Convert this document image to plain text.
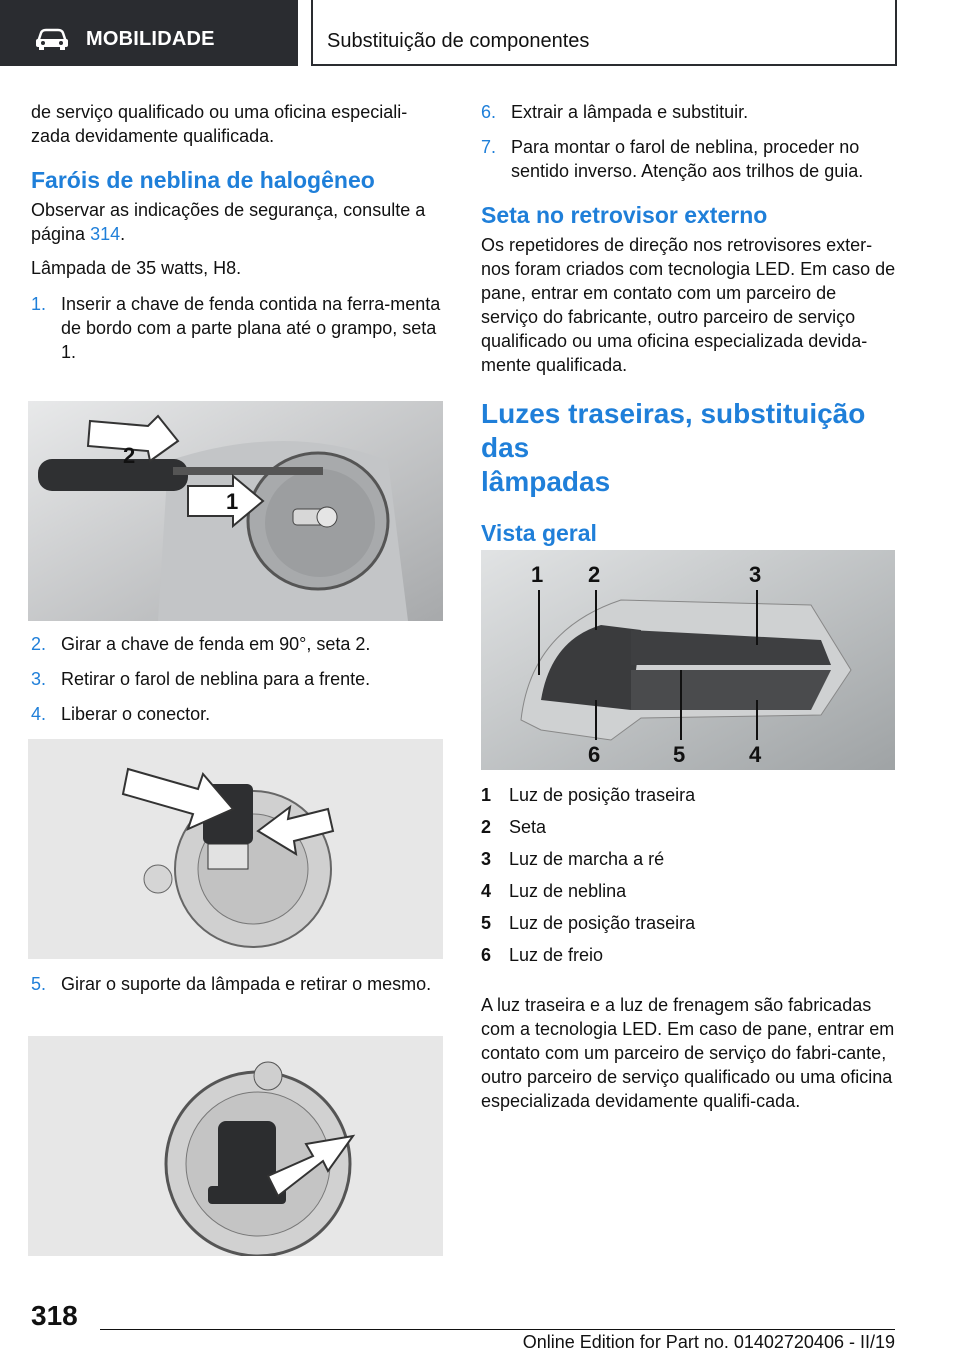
MOBILIDADE	Substituição de componentes

de serviço qualificado ou uma oficina especiali-
zada devidamente qualificada.

Faróis de neblina de halogêneo

Observar as indicações de segurança, consulte a página 314.

Lâmpada de 35 watts, H8.

1. Inserir a chave de fenda contida na ferra-menta de bordo com a parte plana até o grampo, seta 1.
2
1
2. Girar a chave de fenda em 90°, seta 2.
3. Retirar o farol de neblina para a frente.
4. Liberar o conector.
5. Girar o suporte da lâmpada e retirar o mesmo.
6. Extrair a lâmpada e substituir.
7. Para montar o farol de neblina, proceder no sentido inverso. Atenção aos trilhos de guia.
Seta no retrovisor externo

Os repetidores de direção nos retrovisores exter-nos foram criados com tecnologia LED. Em caso de pane, entrar em contato com um parceiro de serviço do fabricante, outro parceiro de serviço qualificado ou uma oficina especializada devida-mente qualificada.

Luzes traseiras, substituição das
lâmpadas
Vista geral
1 2	3
6	5	4
1 Luz de posição traseira
2 Seta
3 Luz de marcha a ré
4 Luz de neblina
5 Luz de posição traseira
6 Luz de freio

A luz traseira e a luz de frenagem são fabricadas com a tecnologia LED. Em caso de pane, entrar em contato com um parceiro de serviço do fabri-cante, outro parceiro de serviço qualificado ou uma oficina especializada devidamente qualifi-cada.

318
Online Edition for Part no. 01402720406 - II/19
